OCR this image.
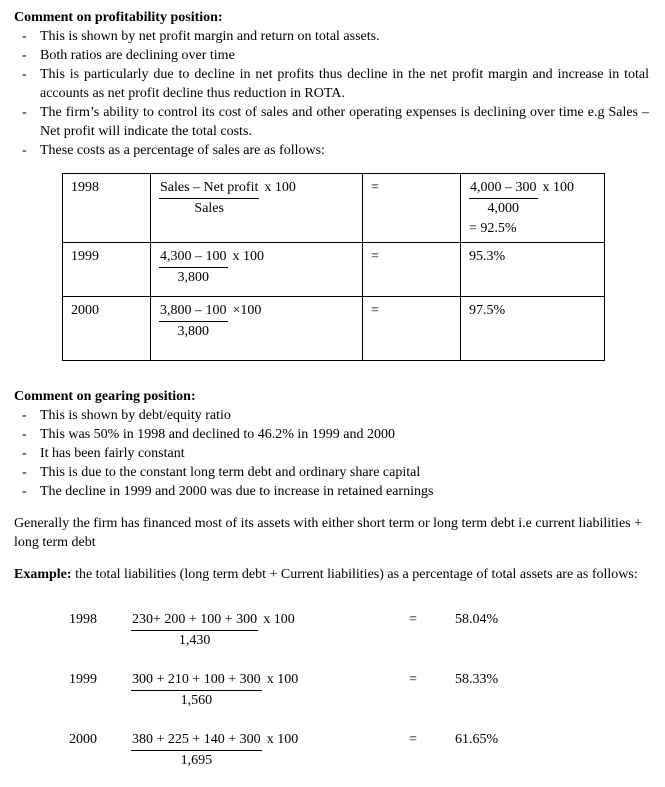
Comment on profitability position:
- This is shown by net profit margin and return on total assets.
- Both ratios are declining over time
- This is particularly due to decline in net profits thus decline in the net profit margin and increase in total accounts as net profit decline thus reduction in ROTA.
- The firm’s ability to control its cost of sales and other operating expenses is declining over time e.g Sales – Net profit will indicate the total costs.
- These costs as a percentage of sales are as follows:
1998	$\frac{\text{Sales – Net profit}}{\text{Sales}}$ x 100	=	$\frac{4,000 - 300}{4,000}$ x 100
= 92.5%

1999	$\frac{4,300 - 100}{3,800}$ x 100	=	95.3%
2000	$\frac{3,800 - 100}{3,800} \times 100$	=	97.5%
Comment on gearing position:
- This is shown by debt/equity ratio
- This was 50% in 1998 and declined to 46.2% in 1999 and 2000
- It has been fairly constant
- This is due to the constant long term debt and ordinary share capital
- The decline in 1999 and 2000 was due to increase in retained earnings

Generally the firm has financed most of its assets with either short term or long term debt i.e current liabilities + long term debt

Example: the total liabilities (long term debt + Current liabilities) as a percentage of total assets are as follows:

1998	$\frac{230+ 200 + 100 + 300}{1,430}$ x 100	=	58.04%
1999	$\frac{300 + 210 + 100 + 300}{1,560}$ x 100	=	58.33%
2000	$\frac{380 + 225 + 140 + 300}{1,695}$ x 100	=	61.65%
